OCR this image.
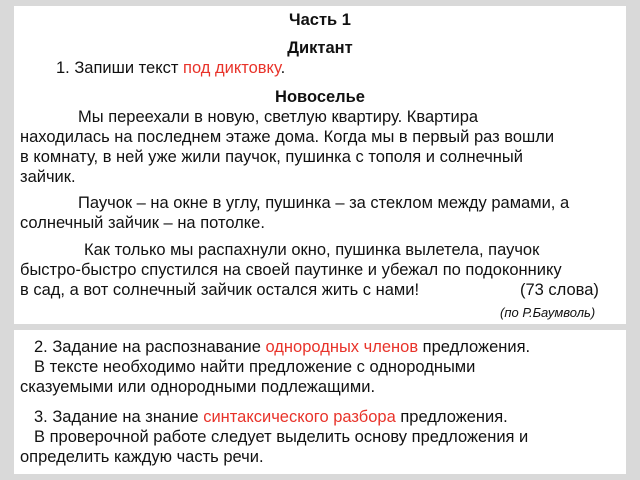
Часть 1
Диктант
1. Запиши текст под диктовку.
Новоселье
Мы переехали в новую, светлую квартиру. Квартира
находилась на последнем этаже дома. Когда мы в первый раз вошли
в комнату, в ней уже жили паучок, пушинка с тополя и солнечный
зайчик.
Паучок – на окне в углу, пушинка – за стеклом между рамами, а
солнечный зайчик – на потолке.
Как только мы распахнули окно, пушинка вылетела, паучок
быстро-быстро спустился на своей паутинке и убежал по подоконнику
в сад, а вот солнечный зайчик остался жить с нами!	(73 слова)
(по Р.Баумволь)
2. Задание на распознавание однородных членов предложения.
В тексте необходимо найти предложение с однородными
сказуемыми или однородными подлежащими.
3. Задание на знание синтаксического разбора предложения.
В проверочной работе следует выделить основу предложения и
определить каждую часть речи.
